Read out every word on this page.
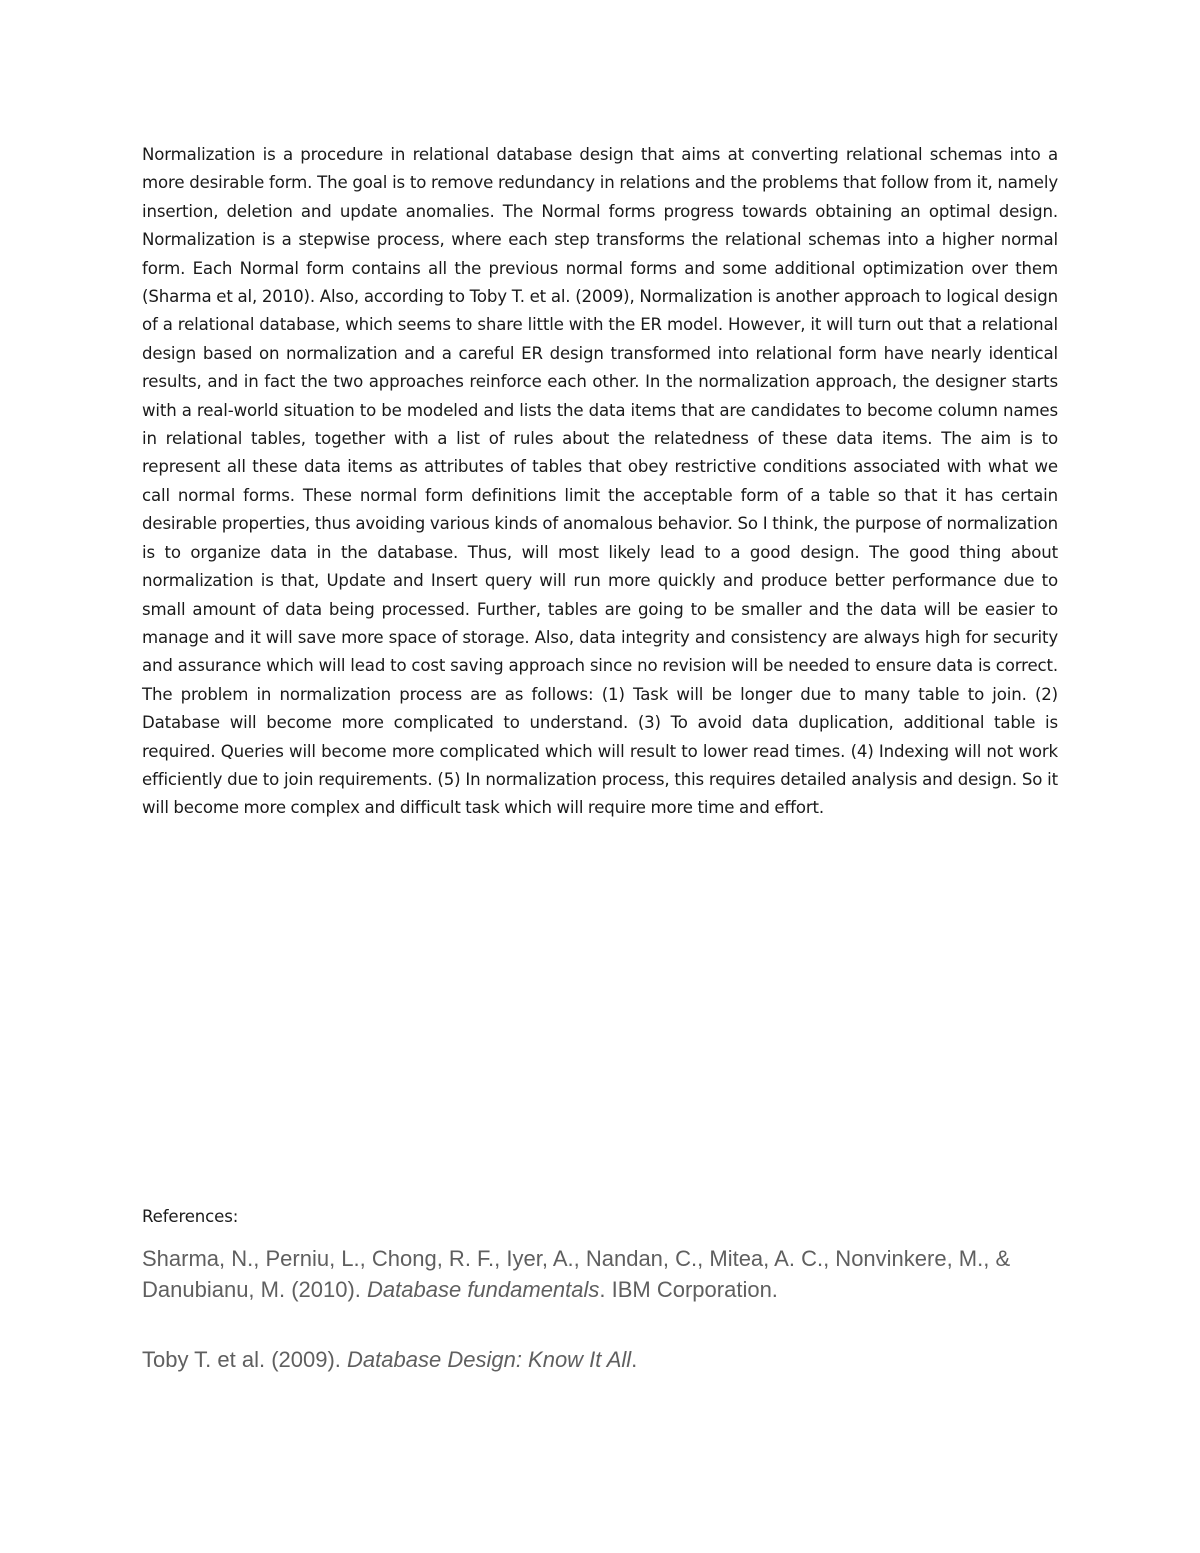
Normalization is a procedure in relational database design that aims at converting relational schemas into a more desirable form. The goal is to remove redundancy in relations and the problems that follow from it, namely insertion, deletion and update anomalies. The Normal forms progress towards obtaining an optimal design. Normalization is a stepwise process, where each step transforms the relational schemas into a higher normal form. Each Normal form contains all the previous normal forms and some additional optimization over them (Sharma et al, 2010). Also, according to Toby T. et al. (2009), Normalization is another approach to logical design of a relational database, which seems to share little with the ER model. However, it will turn out that a relational design based on normalization and a careful ER design transformed into relational form have nearly identical results, and in fact the two approaches reinforce each other. In the normalization approach, the designer starts with a real-world situation to be modeled and lists the data items that are candidates to become column names in relational tables, together with a list of rules about the relatedness of these data items. The aim is to represent all these data items as attributes of tables that obey restrictive conditions associated with what we call normal forms. These normal form definitions limit the acceptable form of a table so that it has certain desirable properties, thus avoiding various kinds of anomalous behavior. So I think, the purpose of normalization is to organize data in the database. Thus, will most likely lead to a good design. The good thing about normalization is that, Update and Insert query will run more quickly and produce better performance due to small amount of data being processed. Further, tables are going to be smaller and the data will be easier to manage and it will save more space of storage. Also, data integrity and consistency are always high for security and assurance which will lead to cost saving approach since no revision will be needed to ensure data is correct. The problem in normalization process are as follows: (1) Task will be longer due to many table to join. (2) Database will become more complicated to understand. (3) To avoid data duplication, additional table is required. Queries will become more complicated which will result to lower read times. (4) Indexing will not work efficiently due to join requirements. (5) In normalization process, this requires detailed analysis and design. So it will become more complex and difficult task which will require more time and effort.

References:

Sharma, N., Perniu, L., Chong, R. F., Iyer, A., Nandan, C., Mitea, A. C., Nonvinkere, M., & Danubianu, M. (2010). Database fundamentals. IBM Corporation.

Toby T. et al. (2009). Database Design: Know It All.
